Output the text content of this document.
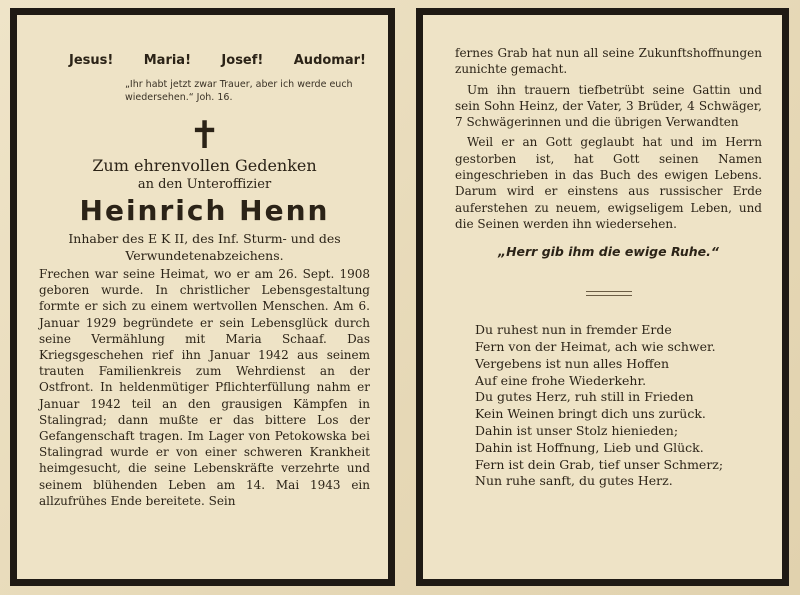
Jesus! Maria! Josef! Audomar!
„Ihr habt jetzt zwar Trauer, aber ich werde euch wiedersehen.“ Joh. 16.
✝
Zum ehrenvollen Gedenken
an den Unteroffizier
Heinrich Henn
Inhaber des E K II, des Inf. Sturm- und des Verwundetenabzeichens.
Frechen war seine Heimat, wo er am 26. Sept. 1908 geboren wurde. In christlicher Lebensgestaltung formte er sich zu einem wertvollen Menschen. Am 6. Januar 1929 begründete er sein Lebensglück durch seine Vermählung mit Maria Schaaf. Das Kriegsgeschehen rief ihn Januar 1942 aus seinem trauten Familienkreis zum Wehrdienst an der Ostfront. In heldenmütiger Pflichterfüllung nahm er Januar 1942 teil an den grausigen Kämpfen in Stalingrad; dann mußte er das bittere Los der Gefangenschaft tragen. Im Lager von Petokowska bei Stalingrad wurde er von einer schweren Krankheit heimgesucht, die seine Lebenskräfte verzehrte und seinem blühenden Leben am 14. Mai 1943 ein allzufrühes Ende bereitete. Sein

fernes Grab hat nun all seine Zukunftshoffnungen zunichte gemacht.

Um ihn trauern tiefbetrübt seine Gattin und sein Sohn Heinz, der Vater, 3 Brüder, 4 Schwäger, 7 Schwägerinnen und die übrigen Verwandten

Weil er an Gott geglaubt hat und im Herrn gestorben ist, hat Gott seinen Namen eingeschrieben in das Buch des ewigen Lebens. Darum wird er einstens aus russischer Erde auferstehen zu neuem, ewigseligem Leben, und die Seinen werden ihn wiedersehen.

„Herr gib ihm die ewige Ruhe.“
Du ruhest nun in fremder Erde
Fern von der Heimat, ach wie schwer.
Vergebens ist nun alles Hoffen
Auf eine frohe Wiederkehr.
Du gutes Herz, ruh still in Frieden
Kein Weinen bringt dich uns zurück.
Dahin ist unser Stolz hienieden;
Dahin ist Hoffnung, Lieb und Glück.
Fern ist dein Grab, tief unser Schmerz;
Nun ruhe sanft, du gutes Herz.
